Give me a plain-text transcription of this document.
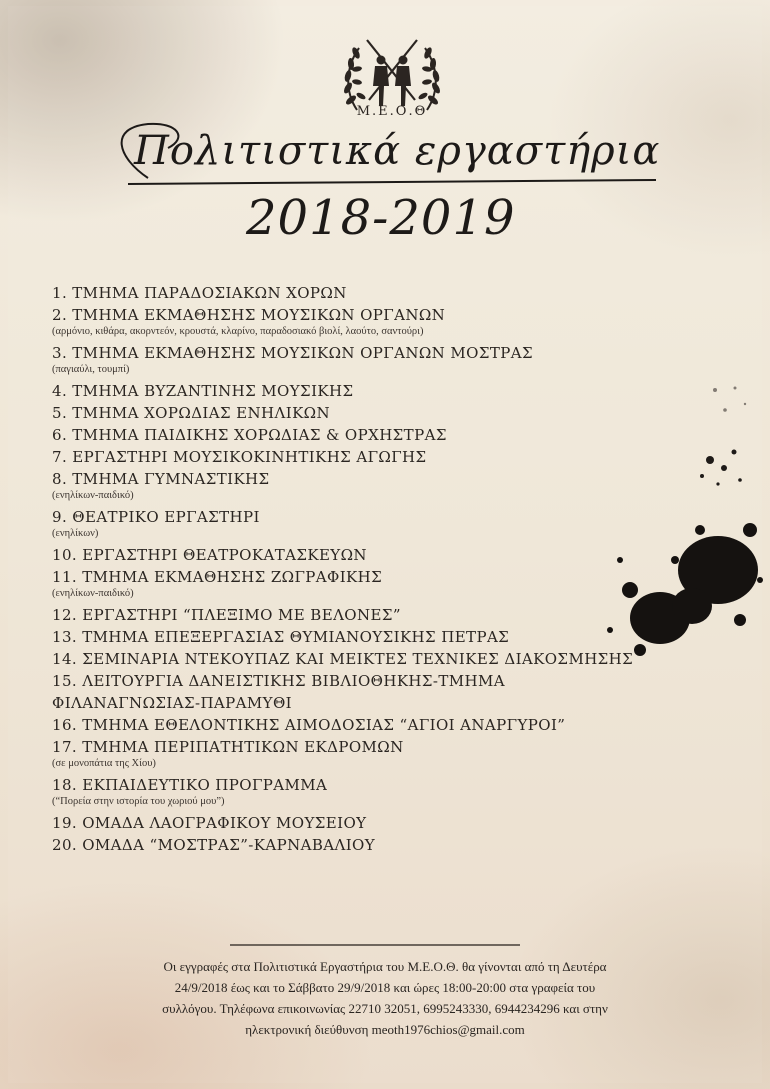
Μ.Ε.Ο.Θ
Πολιτιστικά εργαστήρια
2018-2019
1. ΤΜΗΜΑ ΠΑΡΑΔΟΣΙΑΚΩΝ ΧΟΡΩΝ
2. ΤΜΗΜΑ ΕΚΜΑΘΗΣΗΣ ΜΟΥΣΙΚΩΝ ΟΡΓΑΝΩΝ
(αρμόνιο, κιθάρα, ακορντεόν, κρουστά, κλαρίνο, παραδοσιακό βιολί, λαούτο, σαντούρι)
3. ΤΜΗΜΑ ΕΚΜΑΘΗΣΗΣ ΜΟΥΣΙΚΩΝ ΟΡΓΑΝΩΝ ΜΟΣΤΡΑΣ
(παγιαύλι, τουμπί)
4. ΤΜΗΜΑ ΒΥΖΑΝΤΙΝΗΣ ΜΟΥΣΙΚΗΣ
5. ΤΜΗΜΑ ΧΟΡΩΔΙΑΣ ΕΝΗΛΙΚΩΝ
6. ΤΜΗΜΑ ΠΑΙΔΙΚΗΣ ΧΟΡΩΔΙΑΣ & ΟΡΧΗΣΤΡΑΣ
7. ΕΡΓΑΣΤΗΡΙ ΜΟΥΣΙΚΟΚΙΝΗΤΙΚΗΣ ΑΓΩΓΗΣ
8. ΤΜΗΜΑ ΓΥΜΝΑΣΤΙΚΗΣ
(ενηλίκων-παιδικό)
9. ΘΕΑΤΡΙΚΟ ΕΡΓΑΣΤΗΡΙ
(ενηλίκων)
10. ΕΡΓΑΣΤΗΡΙ ΘΕΑΤΡΟΚΑΤΑΣΚΕΥΩΝ
11. ΤΜΗΜΑ ΕΚΜΑΘΗΣΗΣ ΖΩΓΡΑΦΙΚΗΣ
(ενηλίκων-παιδικό)
12. ΕΡΓΑΣΤΗΡΙ “ΠΛΕΞΙΜΟ ΜΕ ΒΕΛΟΝΕΣ”
13. ΤΜΗΜΑ ΕΠΕΞΕΡΓΑΣΙΑΣ ΘΥΜΙΑΝΟΥΣΙΚΗΣ ΠΕΤΡΑΣ
14. ΣΕΜΙΝΑΡΙΑ ΝΤΕΚΟΥΠΑΖ ΚΑΙ ΜΕΙΚΤΕΣ ΤΕΧΝΙΚΕΣ ΔΙΑΚΟΣΜΗΣΗΣ
15. ΛΕΙΤΟΥΡΓΙΑ ΔΑΝΕΙΣΤΙΚΗΣ ΒΙΒΛΙΟΘΗΚΗΣ-ΤΜΗΜΑ
ΦΙΛΑΝΑΓΝΩΣΙΑΣ-ΠΑΡΑΜΥΘΙ
16. ΤΜΗΜΑ ΕΘΕΛΟΝΤΙΚΗΣ ΑΙΜΟΔΟΣΙΑΣ “ΑΓΙΟΙ ΑΝΑΡΓΥΡΟΙ”
17. ΤΜΗΜΑ ΠΕΡΙΠΑΤΗΤΙΚΩΝ ΕΚΔΡΟΜΩΝ
(σε μονοπάτια της Χίου)
18. ΕΚΠΑΙΔΕΥΤΙΚΟ ΠΡΟΓΡΑΜΜΑ
(“Πορεία στην ιστορία του χωριού μου”)
19. ΟΜΑΔΑ ΛΑΟΓΡΑΦΙΚΟΥ ΜΟΥΣΕΙΟΥ
20. ΟΜΑΔΑ “ΜΟΣΤΡΑΣ”-ΚΑΡΝΑΒΑΛΙΟΥ
Οι εγγραφές στα Πολιτιστικά Εργαστήρια του Μ.Ε.Ο.Θ. θα γίνονται από τη Δευτέρα
24/9/2018 έως και το Σάββατο 29/9/2018 και ώρες 18:00-20:00 στα γραφεία του
συλλόγου. Τηλέφωνα επικοινωνίας 22710 32051, 6995243330, 6944234296 και στην
ηλεκτρονική διεύθυνση meoth1976chios@gmail.com
